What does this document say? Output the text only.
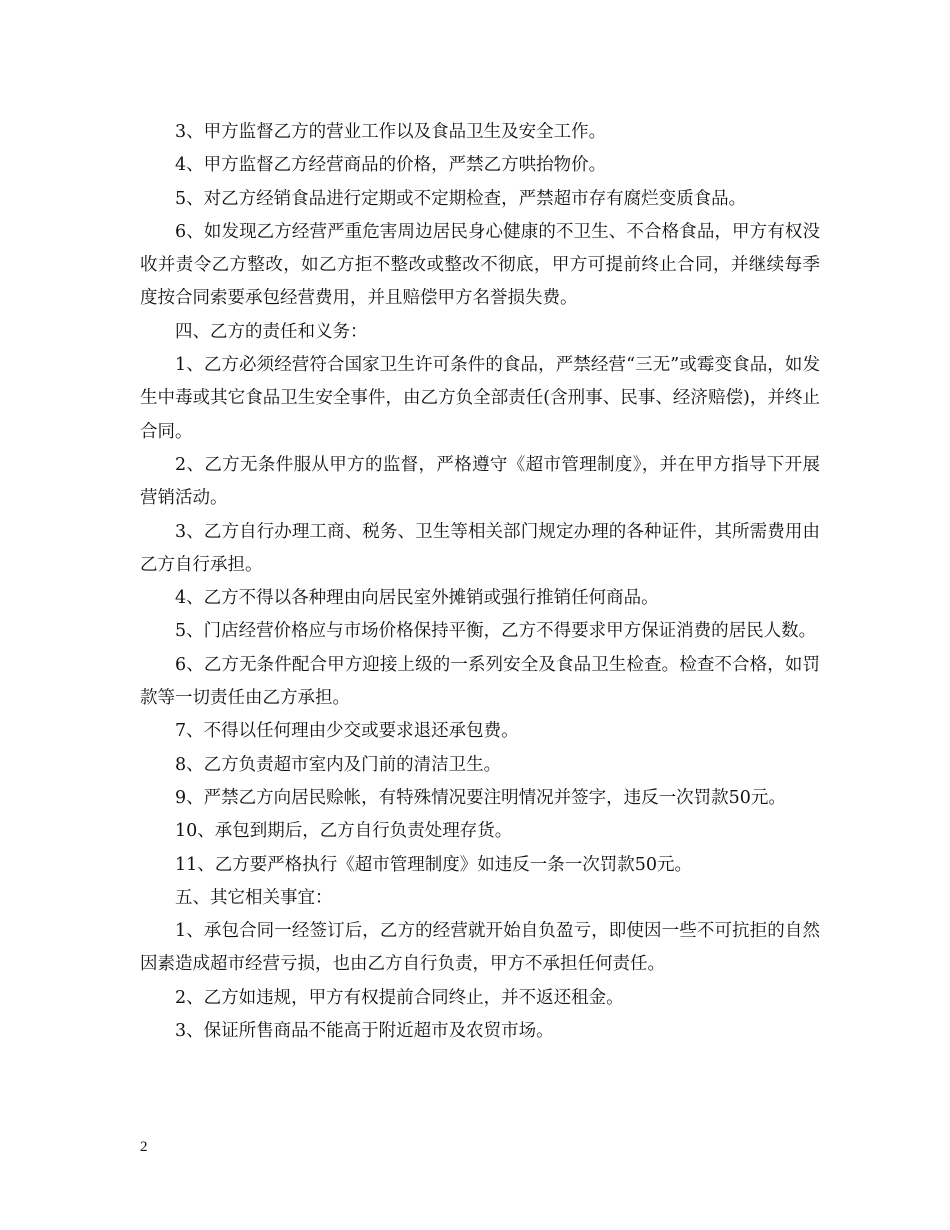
3、甲方监督乙方的营业工作以及食品卫生及安全工作。

4、甲方监督乙方经营商品的价格，严禁乙方哄抬物价。

5、对乙方经销食品进行定期或不定期检查，严禁超市存有腐烂变质食品。

6、如发现乙方经营严重危害周边居民身心健康的不卫生、不合格食品，甲方有权没收并责令乙方整改，如乙方拒不整改或整改不彻底，甲方可提前终止合同，并继续每季度按合同索要承包经营费用，并且赔偿甲方名誉损失费。

四、乙方的责任和义务：

1、乙方必须经营符合国家卫生许可条件的食品，严禁经营“三无”或霉变食品，如发生中毒或其它食品卫生安全事件，由乙方负全部责任(含刑事、民事、经济赔偿)，并终止合同。

2、乙方无条件服从甲方的监督，严格遵守《超市管理制度》，并在甲方指导下开展营销活动。

3、乙方自行办理工商、税务、卫生等相关部门规定办理的各种证件，其所需费用由乙方自行承担。

4、乙方不得以各种理由向居民室外摊销或强行推销任何商品。

5、门店经营价格应与市场价格保持平衡，乙方不得要求甲方保证消费的居民人数。

6、乙方无条件配合甲方迎接上级的一系列安全及食品卫生检查。检查不合格，如罚款等一切责任由乙方承担。

7、不得以任何理由少交或要求退还承包费。

8、乙方负责超市室内及门前的清洁卫生。

9、严禁乙方向居民赊帐，有特殊情况要注明情况并签字，违反一次罚款50元。

10、承包到期后，乙方自行负责处理存货。

11、乙方要严格执行《超市管理制度》如违反一条一次罚款50元。

五、其它相关事宜：

1、承包合同一经签订后，乙方的经营就开始自负盈亏，即使因一些不可抗拒的自然因素造成超市经营亏损，也由乙方自行负责，甲方不承担任何责任。

2、乙方如违规，甲方有权提前合同终止，并不返还租金。

3、保证所售商品不能高于附近超市及农贸市场。

2
